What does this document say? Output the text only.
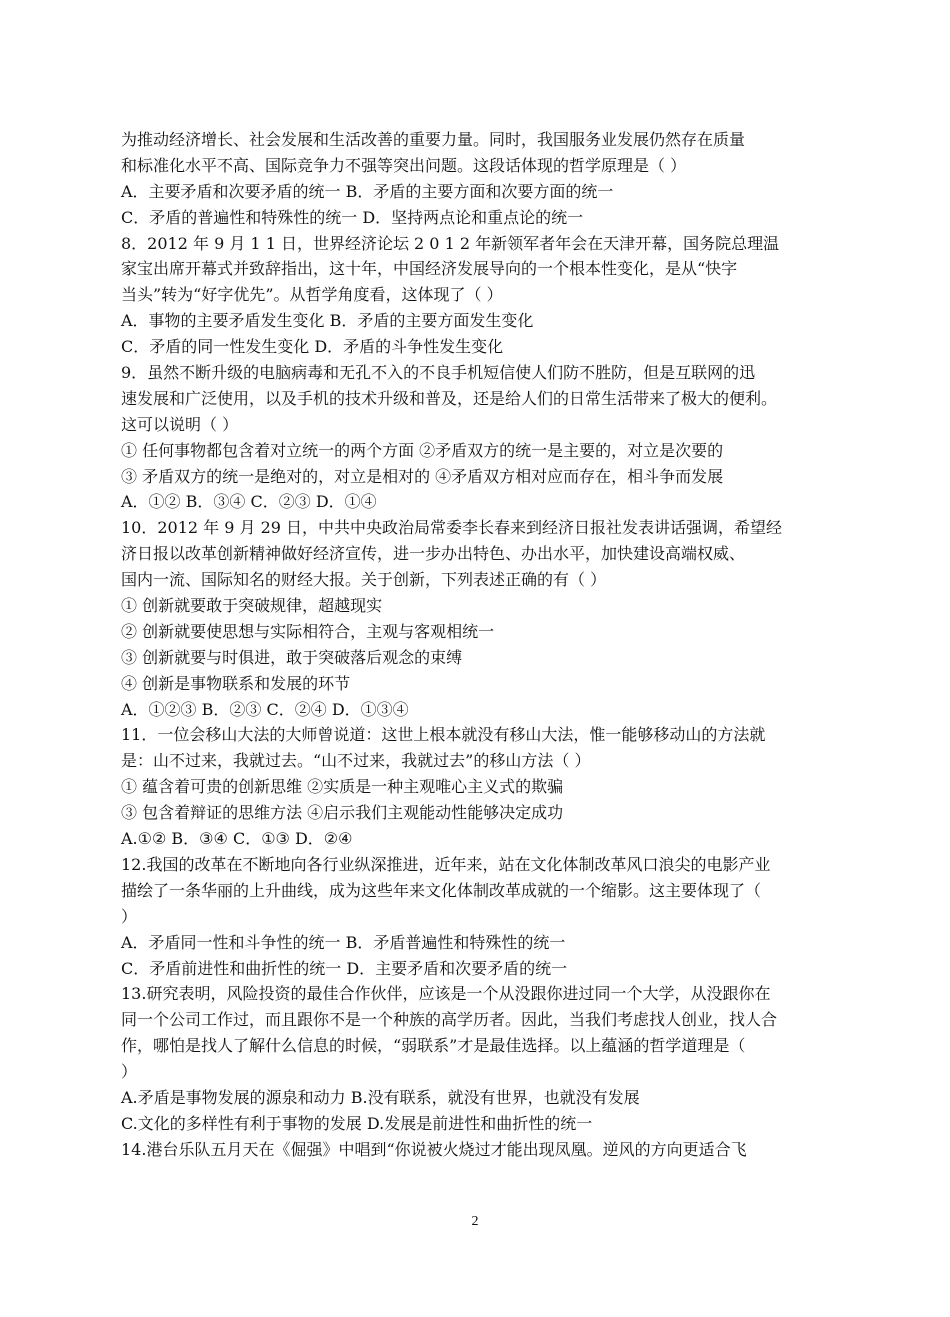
为推动经济增长、社会发展和生活改善的重要力量。同时，我国服务业发展仍然存在质量
和标准化水平不高、国际竞争力不强等突出问题。这段话体现的哲学原理是（ ）
A．主要矛盾和次要矛盾的统一 B．矛盾的主要方面和次要方面的统一
C．矛盾的普遍性和特殊性的统一 D．坚持两点论和重点论的统一
8．2012 年 9 月 1 1 日，世界经济论坛 2 0 1 2 年新领军者年会在天津开幕，国务院总理温
家宝出席开幕式并致辞指出，这十年，中国经济发展导向的一个根本性变化，是从“快字
当头”转为“好字优先”。从哲学角度看，这体现了（ ）
A．事物的主要矛盾发生变化 B．矛盾的主要方面发生变化
C．矛盾的同一性发生变化 D．矛盾的斗争性发生变化
9．虽然不断升级的电脑病毒和无孔不入的不良手机短信使人们防不胜防，但是互联网的迅
速发展和广泛使用，以及手机的技术升级和普及，还是给人们的日常生活带来了极大的便利。
这可以说明（ ）
① 任何事物都包含着对立统一的两个方面 ②矛盾双方的统一是主要的，对立是次要的
③ 矛盾双方的统一是绝对的，对立是相对的 ④矛盾双方相对应而存在，相斗争而发展
A．①② B．③④ C．②③ D．①④
10．2012 年 9 月 29 日，中共中央政治局常委李长春来到经济日报社发表讲话强调，希望经
济日报以改革创新精神做好经济宣传，进一步办出特色、办出水平，加快建设高端权威、
国内一流、国际知名的财经大报。关于创新，下列表述正确的有（ ）
① 创新就要敢于突破规律，超越现实
② 创新就要使思想与实际相符合，主观与客观相统一
③ 创新就要与时俱进，敢于突破落后观念的束缚
④ 创新是事物联系和发展的环节
A．①②③ B．②③ C．②④ D．①③④
11．一位会移山大法的大师曾说道：这世上根本就没有移山大法，惟一能够移动山的方法就
是：山不过来，我就过去。“山不过来，我就过去”的移山方法（ ）
① 蕴含着可贵的创新思维 ②实质是一种主观唯心主义式的欺骗
③ 包含着辩证的思维方法 ④启示我们主观能动性能够决定成功
A.①② B．③④ C．①③ D．②④
12.我国的改革在不断地向各行业纵深推进，近年来，站在文化体制改革风口浪尖的电影产业
描绘了一条华丽的上升曲线，成为这些年来文化体制改革成就的一个缩影。这主要体现了（
）
A．矛盾同一性和斗争性的统一 B．矛盾普遍性和特殊性的统一
C．矛盾前进性和曲折性的统一 D．主要矛盾和次要矛盾的统一
13.研究表明，风险投资的最佳合作伙伴，应该是一个从没跟你进过同一个大学，从没跟你在
同一个公司工作过，而且跟你不是一个种族的高学历者。因此，当我们考虑找人创业，找人合
作，哪怕是找人了解什么信息的时候，“弱联系”才是最佳选择。以上蕴涵的哲学道理是（
）
A.矛盾是事物发展的源泉和动力 B.没有联系，就没有世界，也就没有发展
C.文化的多样性有利于事物的发展 D.发展是前进性和曲折性的统一
14.港台乐队五月天在《倔强》中唱到“你说被火烧过才能出现凤凰。逆风的方向更适合飞
2
